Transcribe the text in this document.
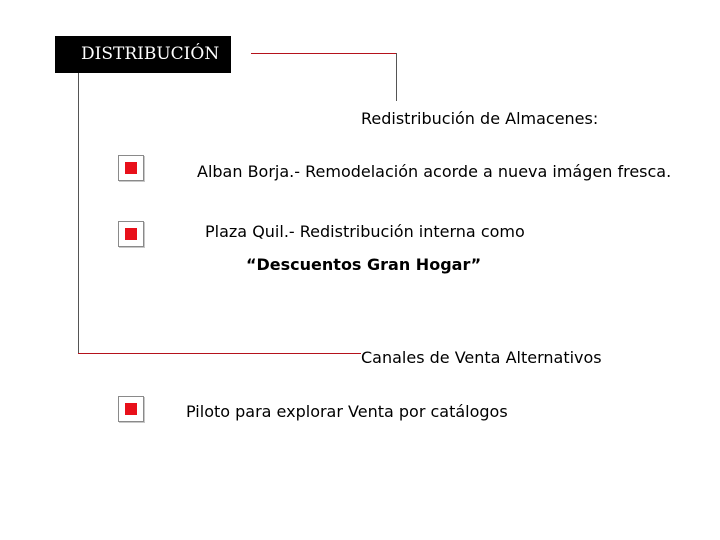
DISTRIBUCIÓN
Redistribución de Almacenes:
Alban Borja.- Remodelación acorde a nueva imágen fresca.
Plaza Quil.- Redistribución interna como
“Descuentos Gran Hogar”
Canales de Venta Alternativos
Piloto para explorar Venta por catálogos
